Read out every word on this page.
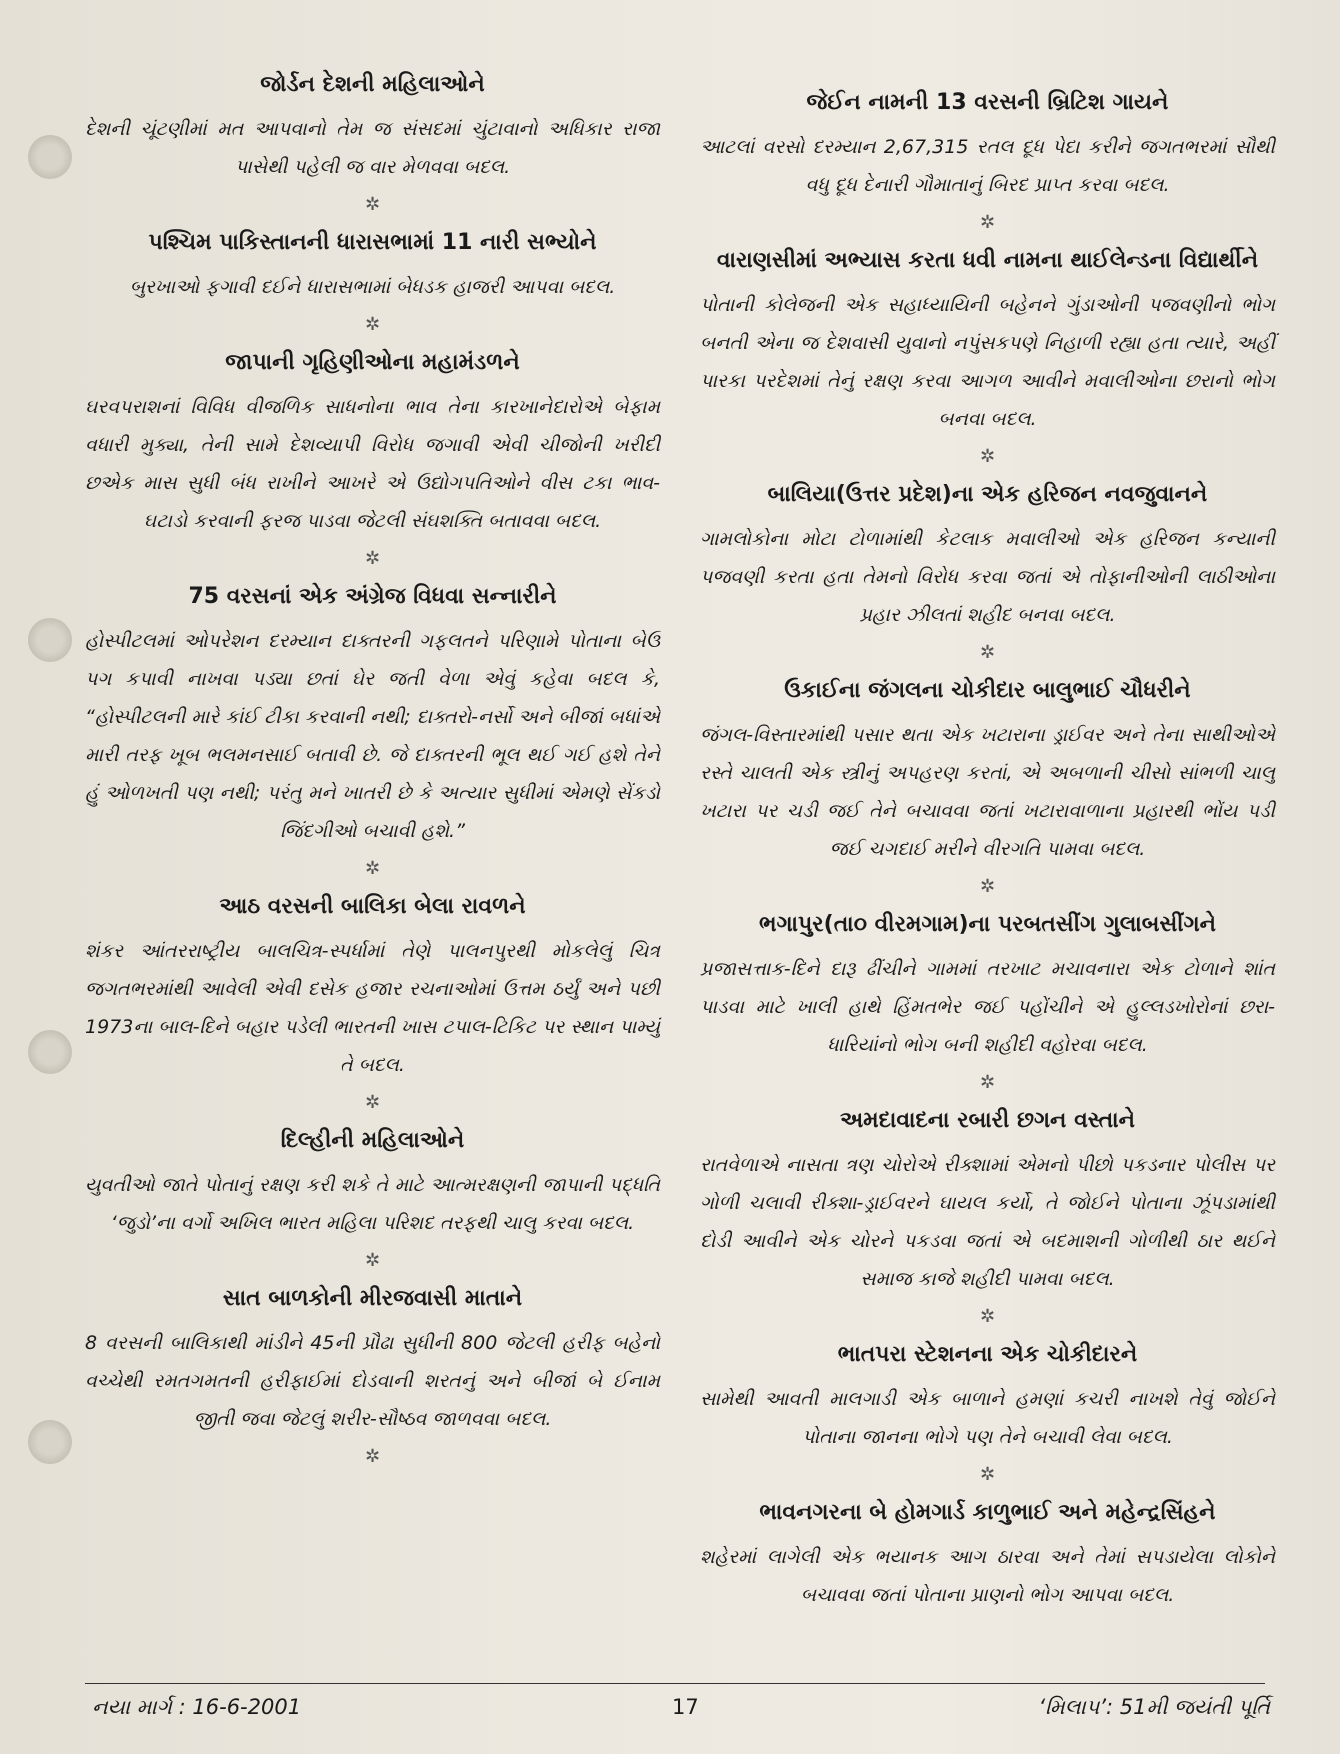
જોર્ડન દેશની મહિલાઓને

દેશની ચૂંટણીમાં મત આપવાનો તેમ જ સંસદમાં ચુંટાવાનો અધિકાર રાજા પાસેથી પહેલી જ વાર મેળવવા બદલ.

✲
પશ્ચિમ પાકિસ્તાનની ધારાસભામાં 11 નારી સભ્યોને

બુરખાઓ ફગાવી દઈને ધારાસભામાં બેધડક હાજરી આપવા બદલ.

✲
જાપાની ગૃહિણીઓના મહામંડળને

ઘરવપરાશનાં વિવિધ વીજળિક સાધનોના ભાવ તેના કારખાનેદારોએ બેફામ વધારી મુક્યા, તેની સામે દેશવ્યાપી વિરોધ જગાવી એવી ચીજોની ખરીદી છએક માસ સુધી બંધ રાખીને આખરે એ ઉદ્યોગપતિઓને વીસ ટકા ભાવ-ઘટાડો કરવાની ફરજ પાડવા જેટલી સંઘશક્તિ બતાવવા બદલ.

✲
75 વરસનાં એક અંગ્રેજ વિધવા સન્નારીને

હોસ્પીટલમાં ઓપરેશન દરમ્યાન દાક્તરની ગફલતને પરિણામે પોતાના બેઉ પગ કપાવી નાખવા પડ્યા છતાં ઘેર જતી વેળા એવું કહેવા બદલ કે, “હોસ્પીટલની મારે કાંઈ ટીકા કરવાની નથી; દાક્તરો-નર્સો અને બીજાં બધાંએ મારી તરફ ખૂબ ભલમનસાઈ બતાવી છે. જે દાક્તરની ભૂલ થઈ ગઈ હશે તેને હું ઓળખતી પણ નથી; પરંતુ મને ખાતરી છે કે અત્યાર સુધીમાં એમણે સેંકડો જિંદગીઓ બચાવી હશે.”

✲
આઠ વરસની બાલિકા બેલા રાવળને

શંકર આંતરરાષ્ટ્રીય બાલચિત્ર-સ્પર્ધામાં તેણે પાલનપુરથી મોકલેલું ચિત્ર જગતભરમાંથી આવેલી એવી દસેક હજાર રચનાઓમાં ઉત્તમ ઠર્યું અને પછી 1973ના બાલ-દિને બહાર પડેલી ભારતની ખાસ ટપાલ-ટિકિટ પર સ્થાન પામ્યું તે બદલ.

✲
દિલ્હીની મહિલાઓને

યુવતીઓ જાતે પોતાનું રક્ષણ કરી શકે તે માટે આત્મરક્ષણની જાપાની પદ્ધતિ ‘જુડો’ના વર્ગો અખિલ ભારત મહિલા પરિશદ તરફથી ચાલુ કરવા બદલ.

✲
સાત બાળકોની મીરજવાસી માતાને

8 વરસની બાલિકાથી માંડીને 45ની પ્રૌઢા સુધીની 800 જેટલી હરીફ બહેનો વચ્ચેથી રમતગમતની હરીફાઈમાં દોડવાની શરતનું અને બીજાં બે ઈનામ જીતી જવા જેટલું શરીર-સૌષ્ઠવ જાળવવા બદલ.

✲
જેઈન નામની 13 વરસની બ્રિટિશ ગાયને

આટલાં વરસો દરમ્યાન 2,67,315 રતલ દૂધ પેદા કરીને જગતભરમાં સૌથી વધુ દૂધ દેનારી ગૌમાતાનું બિરદ પ્રાપ્ત કરવા બદલ.

✲
વારાણસીમાં અભ્યાસ કરતા ધવી નામના થાઈલેન્ડના વિદ્યાર્થીને

પોતાની કોલેજની એક સહાધ્યાયિની બહેનને ગુંડાઓની પજવણીનો ભોગ બનતી એના જ દેશવાસી યુવાનો નપુંસકપણે નિહાળી રહ્યા હતા ત્યારે, અહીં પારકા પરદેશમાં તેનું રક્ષણ કરવા આગળ આવીને મવાલીઓના છરાનો ભોગ બનવા બદલ.

✲
બાલિયા(ઉત્તર પ્રદેશ)ના એક હરિજન નવજુવાનને

ગામલોકોના મોટા ટોળામાંથી કેટલાક મવાલીઓ એક હરિજન કન્યાની પજવણી કરતા હતા તેમનો વિરોધ કરવા જતાં એ તોફાનીઓની લાઠીઓના પ્રહાર ઝીલતાં શહીદ બનવા બદલ.

✲
ઉકાઈના જંગલના ચોકીદાર બાલુભાઈ ચૌધરીને

જંગલ-વિસ્તારમાંથી પસાર થતા એક ખટારાના ડ્રાઈવર અને તેના સાથીઓએ રસ્તે ચાલતી એક સ્ત્રીનું અપહરણ કરતાં, એ અબળાની ચીસો સાંભળી ચાલુ ખટારા પર ચડી જઈ તેને બચાવવા જતાં ખટારાવાળાના પ્રહારથી ભોંય પડી જઈ ચગદાઈ મરીને વીરગતિ પામવા બદલ.

✲
ભગાપુર(તા૦ વીરમગામ)ના પરબતસીંગ ગુલાબસીંગને

પ્રજાસત્તાક-દિને દારૂ ઢીંચીને ગામમાં તરખાટ મચાવનારા એક ટોળાને શાંત પાડવા માટે ખાલી હાથે હિંમતભેર જઈ પહોંચીને એ હુલ્લડખોરોનાં છરા-ધારિયાંનો ભોગ બની શહીદી વહોરવા બદલ.

✲
અમદાવાદના રબારી છગન વસ્તાને

રાતવેળાએ નાસતા ત્રણ ચોરોએ રીક્શામાં એમનો પીછો પકડનાર પોલીસ પર ગોળી ચલાવી રીક્શા-ડ્રાઈવરને ઘાયલ કર્યો, તે જોઈને પોતાના ઝૂંપડામાંથી દોડી આવીને એક ચોરને પકડવા જતાં એ બદમાશની ગોળીથી ઠાર થઈને સમાજ કાજે શહીદી પામવા બદલ.

✲
ભાતપરા સ્ટેશનના એક ચોકીદારને

સામેથી આવતી માલગાડી એક બાળાને હમણાં કચરી નાખશે તેવું જોઈને પોતાના જાનના ભોગે પણ તેને બચાવી લેવા બદલ.

✲
ભાવનગરના બે હોમગાર્ડ કાળુભાઈ અને મહેન્દ્રસિંહને

શહેરમાં લાગેલી એક ભયાનક આગ ઠારવા અને તેમાં સપડાયેલા લોકોને બચાવવા જતાં પોતાના પ્રાણનો ભોગ આપવા બદલ.

નયા માર્ગ : 16-6-2001	17	‘મિલાપ’: 51મી જયંતી પૂર્તિ
